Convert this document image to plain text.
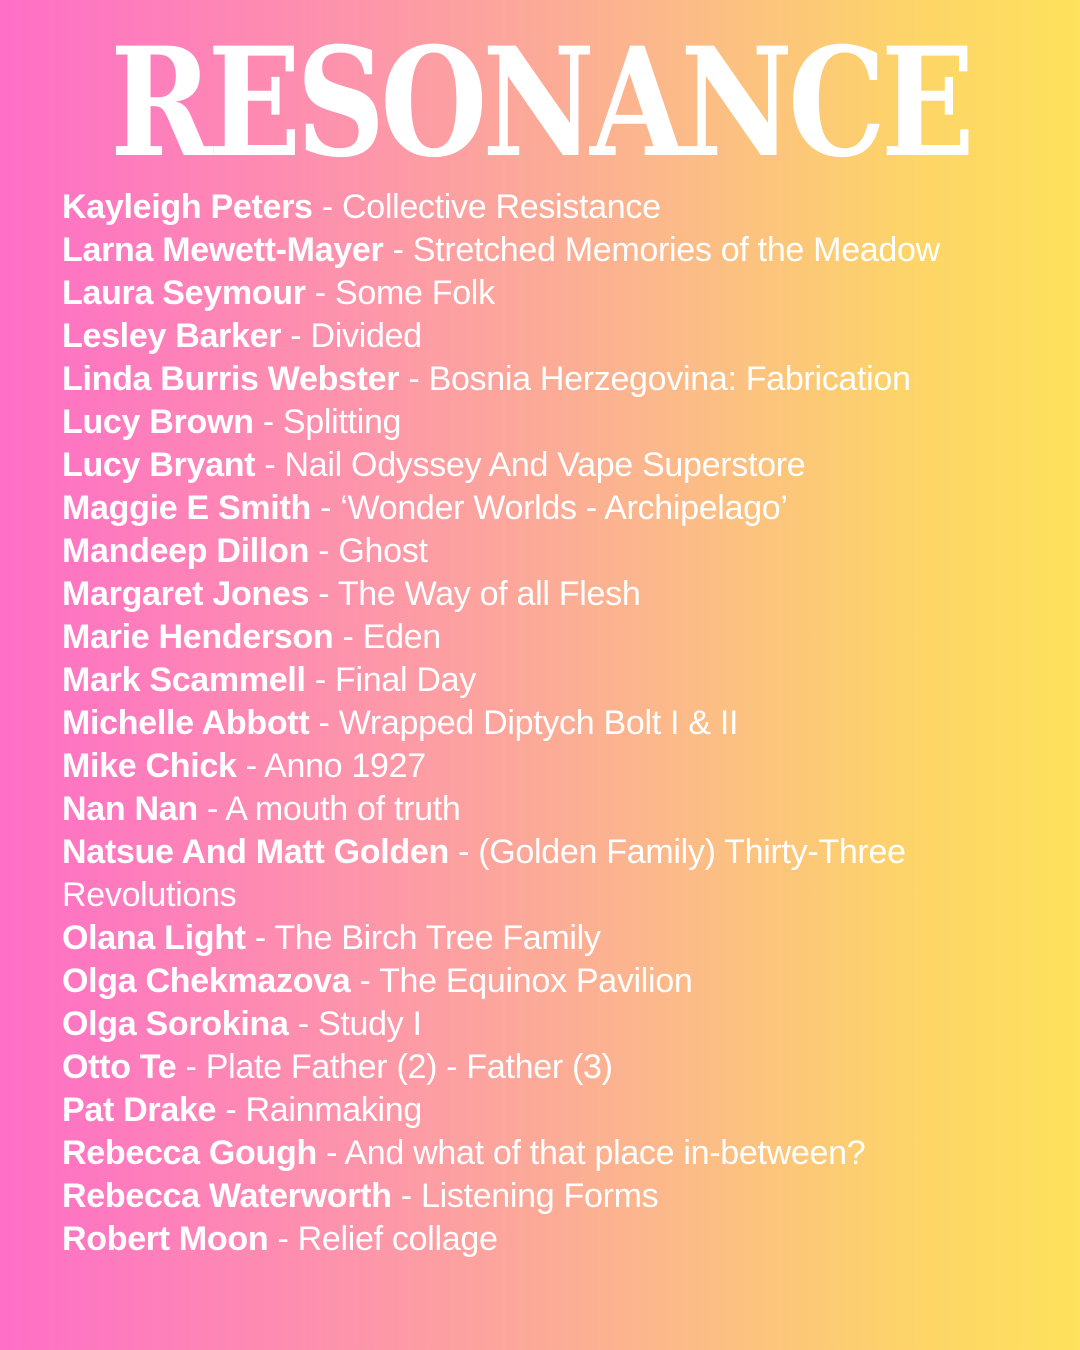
RESONANCE
Kayleigh Peters - Collective Resistance
Larna Mewett-Mayer - Stretched Memories of the Meadow
Laura Seymour - Some Folk
Lesley Barker - Divided
Linda Burris Webster - Bosnia Herzegovina: Fabrication
Lucy Brown - Splitting
Lucy Bryant - Nail Odyssey And Vape Superstore
Maggie E Smith - ‘Wonder Worlds - Archipelago’
Mandeep Dillon - Ghost
Margaret Jones - The Way of all Flesh
Marie Henderson - Eden
Mark Scammell - Final Day
Michelle Abbott - Wrapped Diptych Bolt I & II
Mike Chick - Anno 1927
Nan Nan - A mouth of truth
Natsue And Matt Golden - (Golden Family) Thirty-Three Revolutions
Olana Light - The Birch Tree Family
Olga Chekmazova - The Equinox Pavilion
Olga Sorokina - Study I
Otto Te - Plate Father (2) - Father (3)
Pat Drake - Rainmaking
Rebecca Gough - And what of that place in-between?
Rebecca Waterworth - Listening Forms
Robert Moon - Relief collage
